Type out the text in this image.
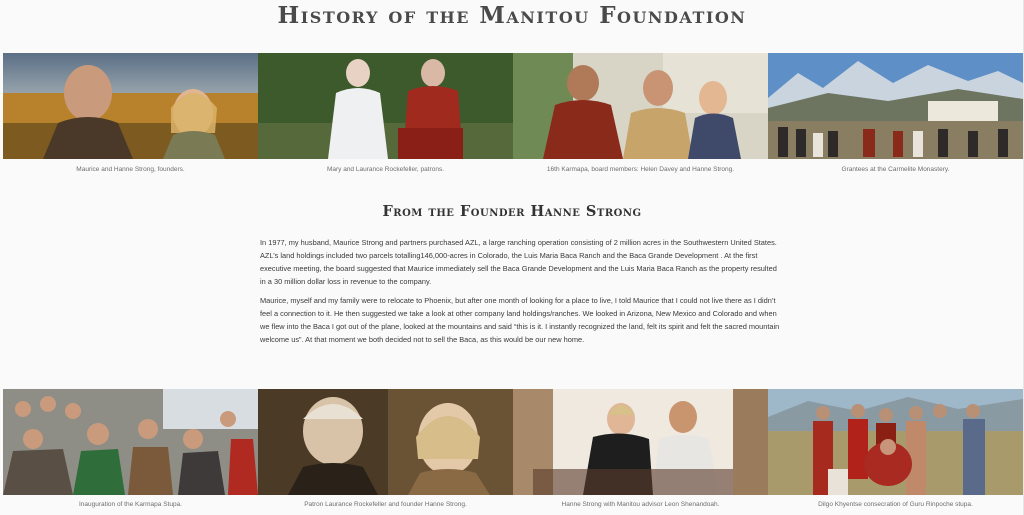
History of the Manitou Foundation
Maurice and Hanne Strong, founders.	Mary and Laurance Rockefeller, patrons.	16th Karmapa, board members: Helen Davey and Hanne Strong.	Grantees at the Carmelite Monastery.
From the Founder Hanne Strong

In 1977, my husband, Maurice Strong and partners purchased AZL, a large ranching operation consisting of 2 million acres in the Southwestern United States. AZL’s land holdings included two parcels totalling146,000-acres in Colorado, the Luis Maria Baca Ranch and the Baca Grande Development . At the first executive meeting, the board suggested that Maurice immediately sell the Baca Grande Development and the Luis Maria Baca Ranch as the property resulted in a 30 million dollar loss in revenue to the company.

Maurice, myself and my family were to relocate to Phoenix, but after one month of looking for a place to live, I told Maurice that I could not live there as I didn’t feel a connection to it. He then suggested we take a look at other company land holdings/ranches. We looked in Arizona, New Mexico and Colorado and when we flew into the Baca I got out of the plane, looked at the mountains and said “this is it. I instantly recognized the land, felt its spirit and felt the sacred mountain welcome us”. At that moment we both decided not to sell the Baca, as this would be our new home.

Inauguration of the Karmapa Stupa.	Patron Laurance Rockefeller and founder Hanne Strong.	Hanne Strong with Manitou advisor Leon Shenandoah.	Dilgo Khyentse consecration of Guru Rinpoche stupa.
